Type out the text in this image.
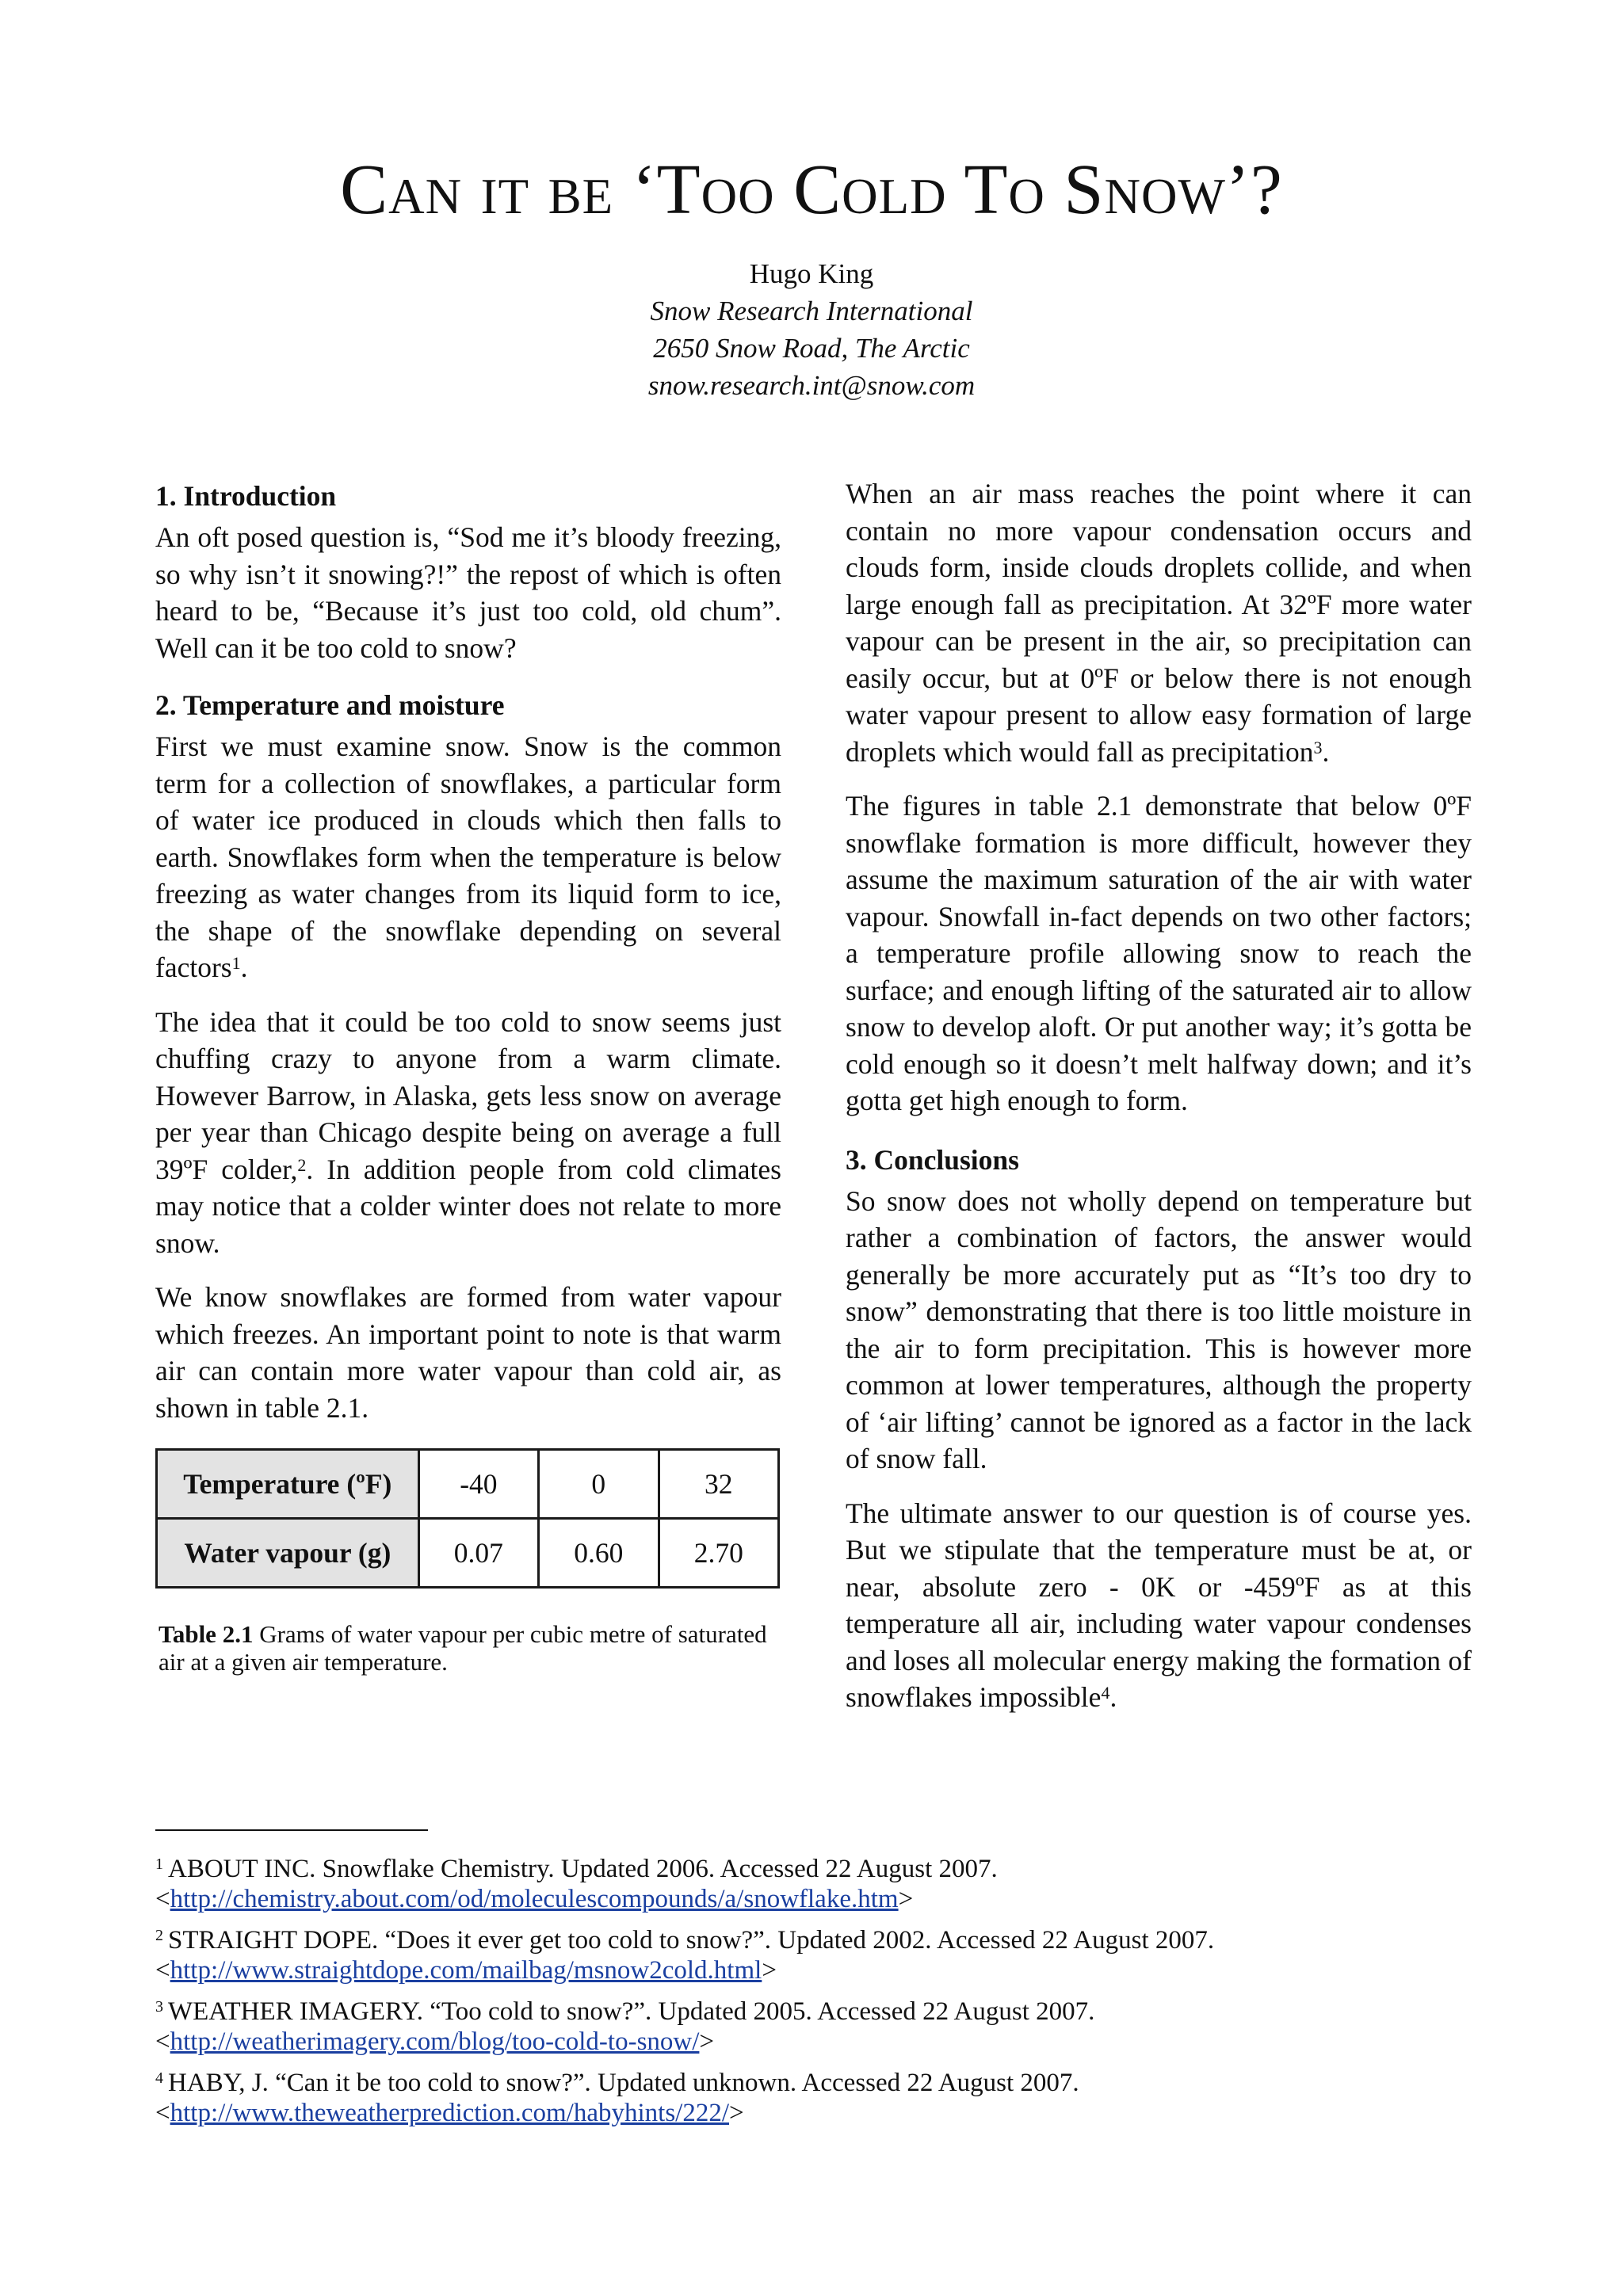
Can it be ‘Too Cold To Snow’?
Hugo King
Snow Research International
2650 Snow Road, The Arctic
snow.research.int@snow.com
1. Introduction

An oft posed question is, “Sod me it’s bloody freezing, so why isn’t it snowing?!” the repost of which is often heard to be, “Because it’s just too cold, old chum”. Well can it be too cold to snow?

2. Temperature and moisture

First we must examine snow. Snow is the common term for a collection of snowflakes, a particular form of water ice produced in clouds which then falls to earth. Snowflakes form when the temperature is below freezing as water changes from its liquid form to ice, the shape of the snowflake depending on several factors$^1$.

The idea that it could be too cold to snow seems just chuffing crazy to anyone from a warm climate. However Barrow, in Alaska, gets less snow on average per year than Chicago despite being on average a full 39ºF colder,$^2$. In addition people from cold climates may notice that a colder winter does not relate to more snow.

We know snowflakes are formed from water vapour which freezes. An important point to note is that warm air can contain more water vapour than cold air, as shown in table 2.1.

Temperature (ºF)	-40	0	32
Water vapour (g)	0.07	0.60	2.70
Table 2.1 Grams of water vapour per cubic metre of saturated air at a given air temperature.

When an air mass reaches the point where it can contain no more vapour condensation occurs and clouds form, inside clouds droplets collide, and when large enough fall as precipitation. At 32ºF more water vapour can be present in the air, so precipitation can easily occur, but at 0ºF or below there is not enough water vapour present to allow easy formation of large droplets which would fall as precipitation$^3$.

The figures in table 2.1 demonstrate that below 0ºF snowflake formation is more difficult, however they assume the maximum saturation of the air with water vapour. Snowfall in-fact depends on two other factors; a temperature profile allowing snow to reach the surface; and enough lifting of the saturated air to allow snow to develop aloft. Or put another way; it’s gotta be cold enough so it doesn’t melt halfway down; and it’s gotta get high enough to form.

3. Conclusions

So snow does not wholly depend on temperature but rather a combination of factors, the answer would generally be more accurately put as “It’s too dry to snow” demonstrating that there is too little moisture in the air to form precipitation. This is however more common at lower temperatures, although the property of ‘air lifting’ cannot be ignored as a factor in the lack of snow fall.

The ultimate answer to our question is of course yes. But we stipulate that the temperature must be at, or near, absolute zero - 0K or -459ºF as at this temperature all air, including water vapour condenses and loses all molecular energy making the formation of snowflakes impossible$^4$.

$^1$ ABOUT INC. Snowflake Chemistry. Updated 2006. Accessed 22 August 2007. <http://chemistry.about.com/od/moleculescompounds/a/snowflake.htm>
$^2$ STRAIGHT DOPE. “Does it ever get too cold to snow?”. Updated 2002. Accessed 22 August 2007. <http://www.straightdope.com/mailbag/msnow2cold.html>
$^3$ WEATHER IMAGERY. “Too cold to snow?”. Updated 2005. Accessed 22 August 2007. <http://weatherimagery.com/blog/too-cold-to-snow/>
$^4$ HABY, J. “Can it be too cold to snow?”. Updated unknown. Accessed 22 August 2007. <http://www.theweatherprediction.com/habyhints/222/>
